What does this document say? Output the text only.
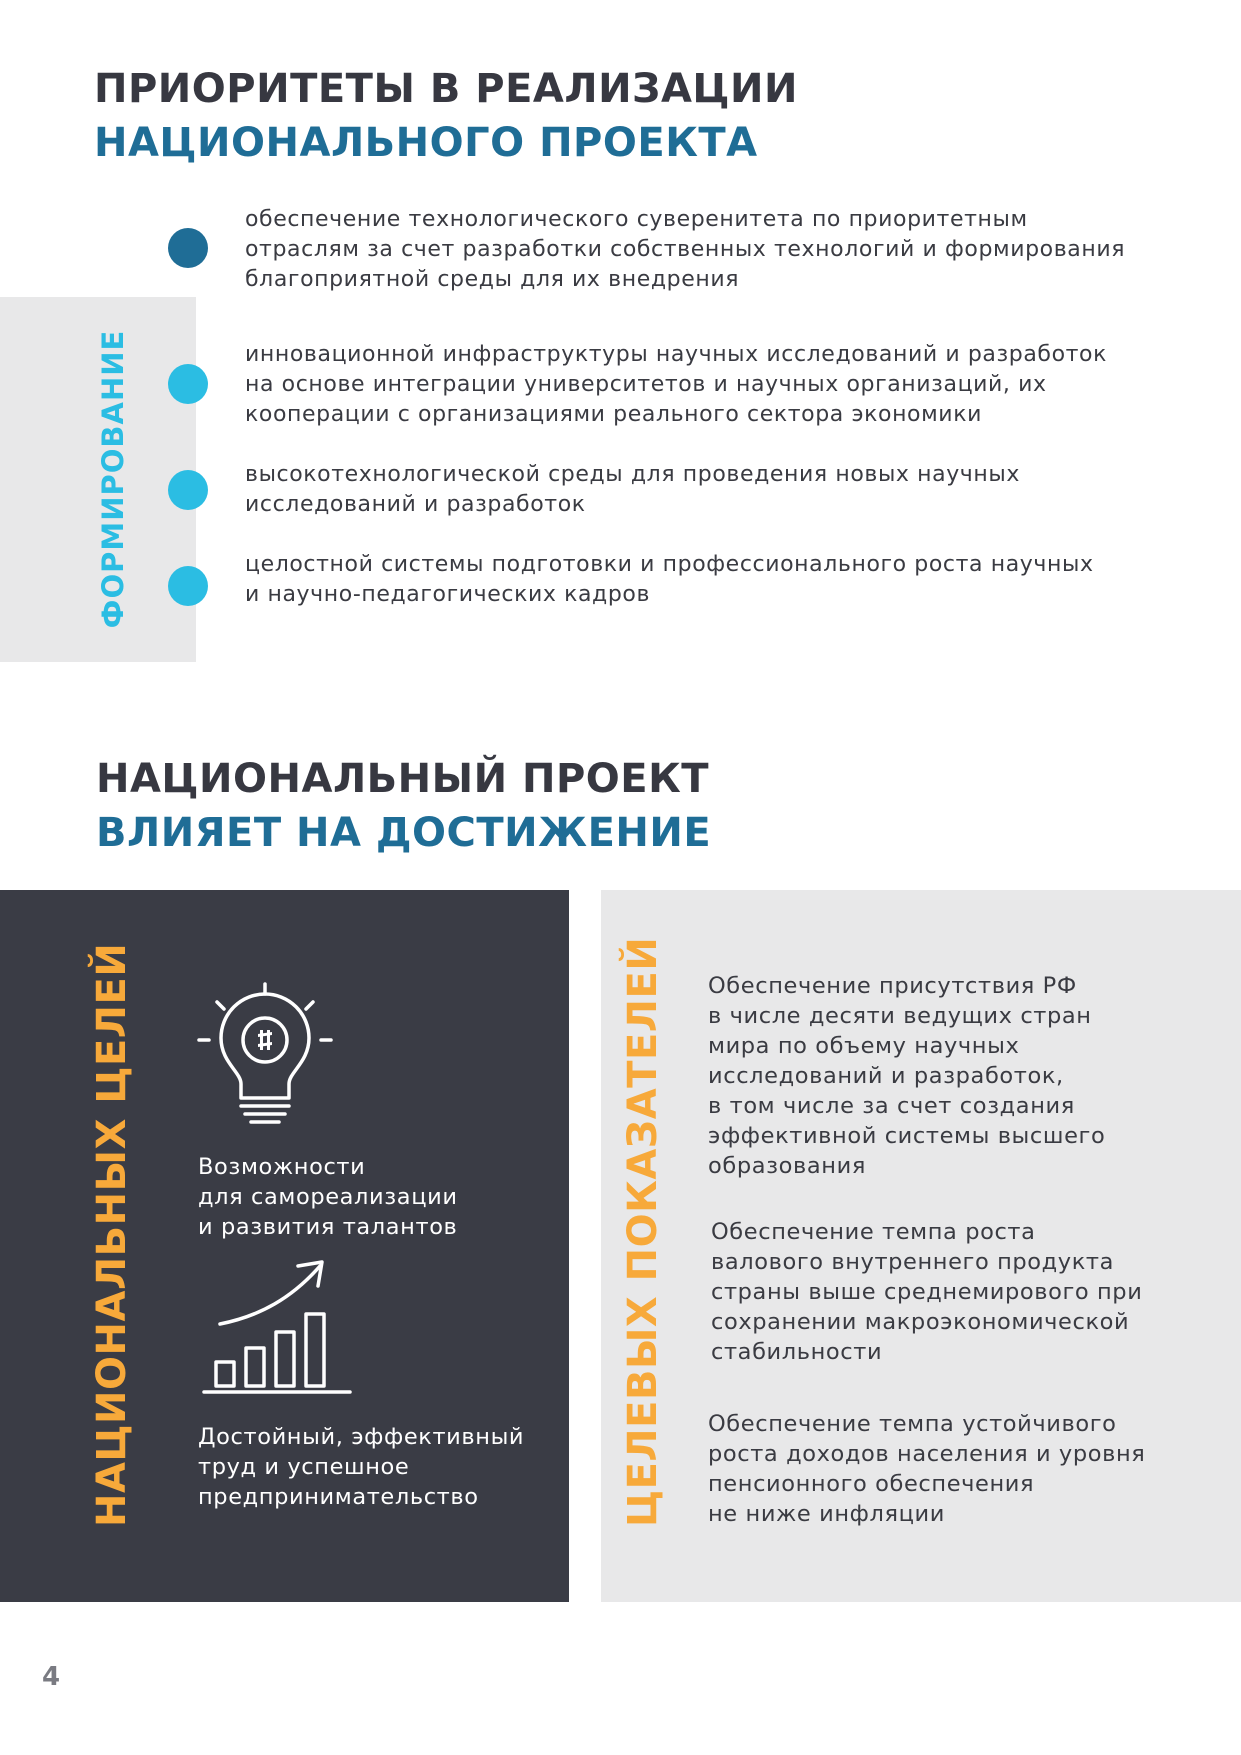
ПРИОРИТЕТЫ В РЕАЛИЗАЦИИ
НАЦИОНАЛЬНОГО ПРОЕКТА
ФОРМИРОВАНИЕ
обеспечение технологического суверенитета по приоритетным
отраслям за счет разработки собственных технологий и формирования
благоприятной среды для их внедрения
инновационной инфраструктуры научных исследований и разработок
на основе интеграции университетов и научных организаций, их
кооперации с организациями реального сектора экономики
высокотехнологической среды для проведения новых научных
исследований и разработок
целостной системы подготовки и профессионального роста научных
и научно-педагогических кадров
НАЦИОНАЛЬНЫЙ ПРОЕКТ
ВЛИЯЕТ НА ДОСТИЖЕНИЕ
НАЦИОНАЛЬНЫХ ЦЕЛЕЙ	Возможности
для самореализации
и развития талантов
Достойный, эффективный
труд и успешное
предпринимательство	ЦЕЛЕВЫХ ПОКАЗАТЕЛЕЙ Обеспечение присутствия РФ
в числе десяти ведущих стран
мира по объему научных
исследований и разработок,
в том числе за счет создания
эффективной системы высшего
образования
Обеспечение темпа роста
валового внутреннего продукта
страны выше среднемирового при
сохранении макроэкономической
стабильности
Обеспечение темпа устойчивого
роста доходов населения и уровня
пенсионного обеспечения
не ниже инфляции
4
